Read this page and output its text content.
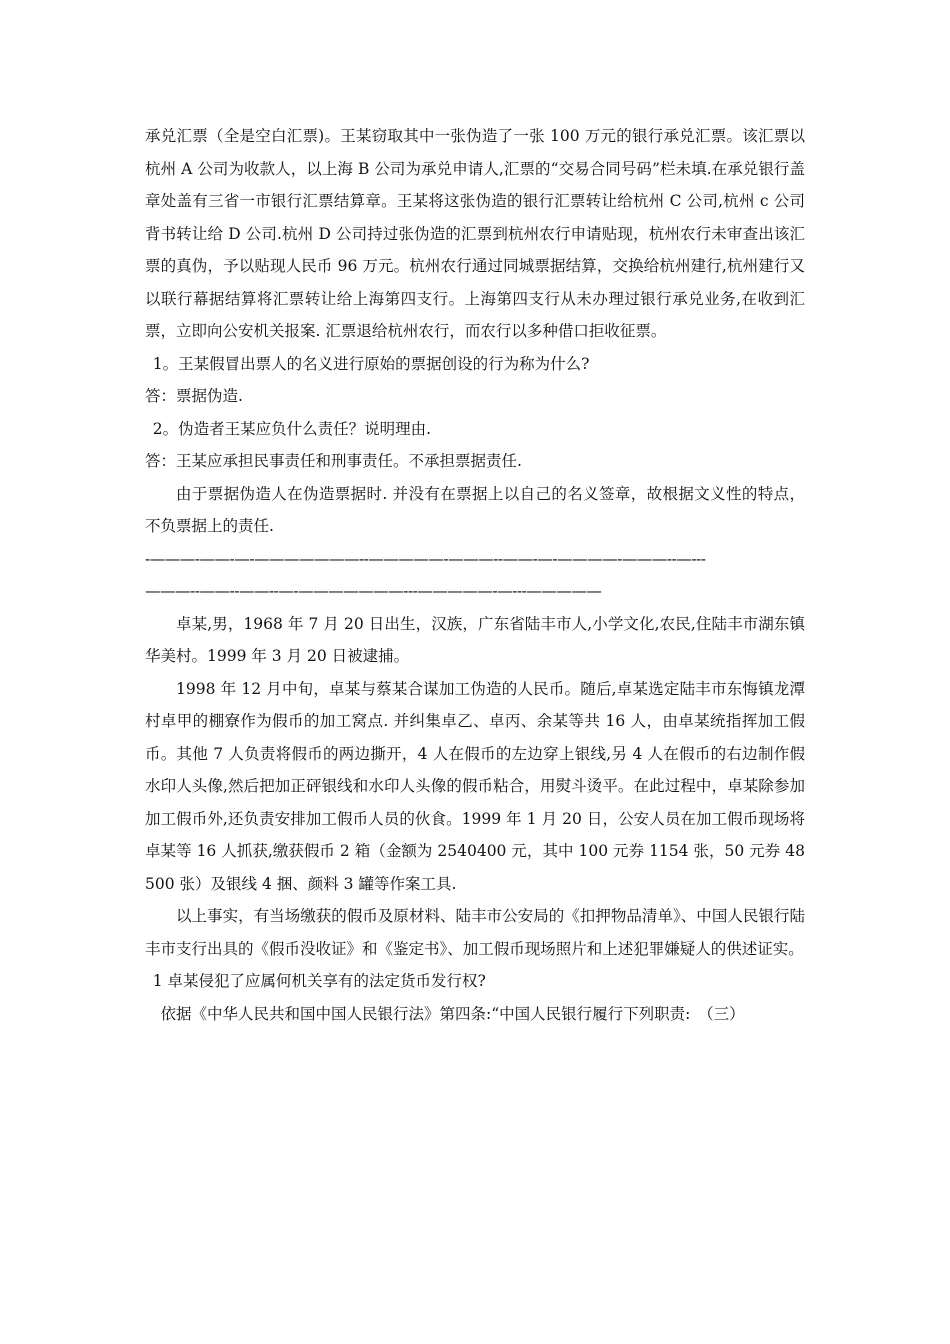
承兑汇票（全是空白汇票)。王某窃取其中一张伪造了一张 100 万元的银行承兑汇票。该汇票以杭州 A 公司为收款人，以上海 B 公司为承兑申请人,汇票的“交易合同号码”栏未填.在承兑银行盖章处盖有三省一市银行汇票结算章。王某将这张伪造的银行汇票转让给杭州 C 公司,杭州 c 公司背书转让给 D 公司.杭州 D 公司持过张伪造的汇票到杭州农行申请贴现，杭州农行未审查出该汇票的真伪，予以贴现人民币 96 万元。杭州农行通过同城票据结算，交换给杭州建行,杭州建行又以联行幕据结算将汇票转让给上海第四支行。上海第四支行从未办理过银行承兑业务,在收到汇票，立即向公安机关报案. 汇票退给杭州农行，而农行以多种借口拒收征票。

1。王某假冒出票人的名义进行原始的票据创设的行为称为什么?

答：票据伪造.

2。伪造者王某应负什么责任？说明理由.

答：王某应承担民事责任和刑事责任。不承担票据责任.

由于票据伪造人在伪造票据时. 并没有在票据上以自己的名义签章，故根据文义性的特点，不负票据上的责任.

-———-——-—-———————--—————-———--——-—-————-———--—---

———--——--——--—-———————---—————-—---—————

卓某,男，1968 年 7 月 20 日出生，汉族，广东省陆丰市人,小学文化,农民,住陆丰市湖东镇华美村。1999 年 3 月 20 日被逮捕。

1998 年 12 月中旬，卓某与蔡某合谋加工伪造的人民币。随后,卓某选定陆丰市东悔镇龙潭村卓甲的棚寮作为假币的加工窝点. 并纠集卓乙、卓丙、余某等共 16 人，由卓某统指挥加工假币。其他 7 人负责将假币的两边撕开，4 人在假币的左边穿上银线,另 4 人在假币的右边制作假水印人头像,然后把加正砰银线和水印人头像的假币粘合，用熨斗烫平。在此过程中，卓某除参加加工假币外,还负责安排加工假币人员的伙食。1999 年 1 月 20 日，公安人员在加工假币现场将卓某等 16 人抓获,缴获假币 2 箱（金额为 2540400 元，其中 100 元券 1154 张，50 元券 48500 张）及银线 4 捆、颜料 3 罐等作案工具.

以上事实，有当场缴获的假币及原材料、陆丰市公安局的《扣押物品清单》、中国人民银行陆丰市支行出具的《假币没收证》和《鉴定书》、加工假币现场照片和上述犯罪嫌疑人的供述证实。

1 卓某侵犯了应属何机关享有的法定货币发行权?

依据《中华人民共和国中国人民银行法》第四条:“中国人民银行履行下列职责:　（三）
